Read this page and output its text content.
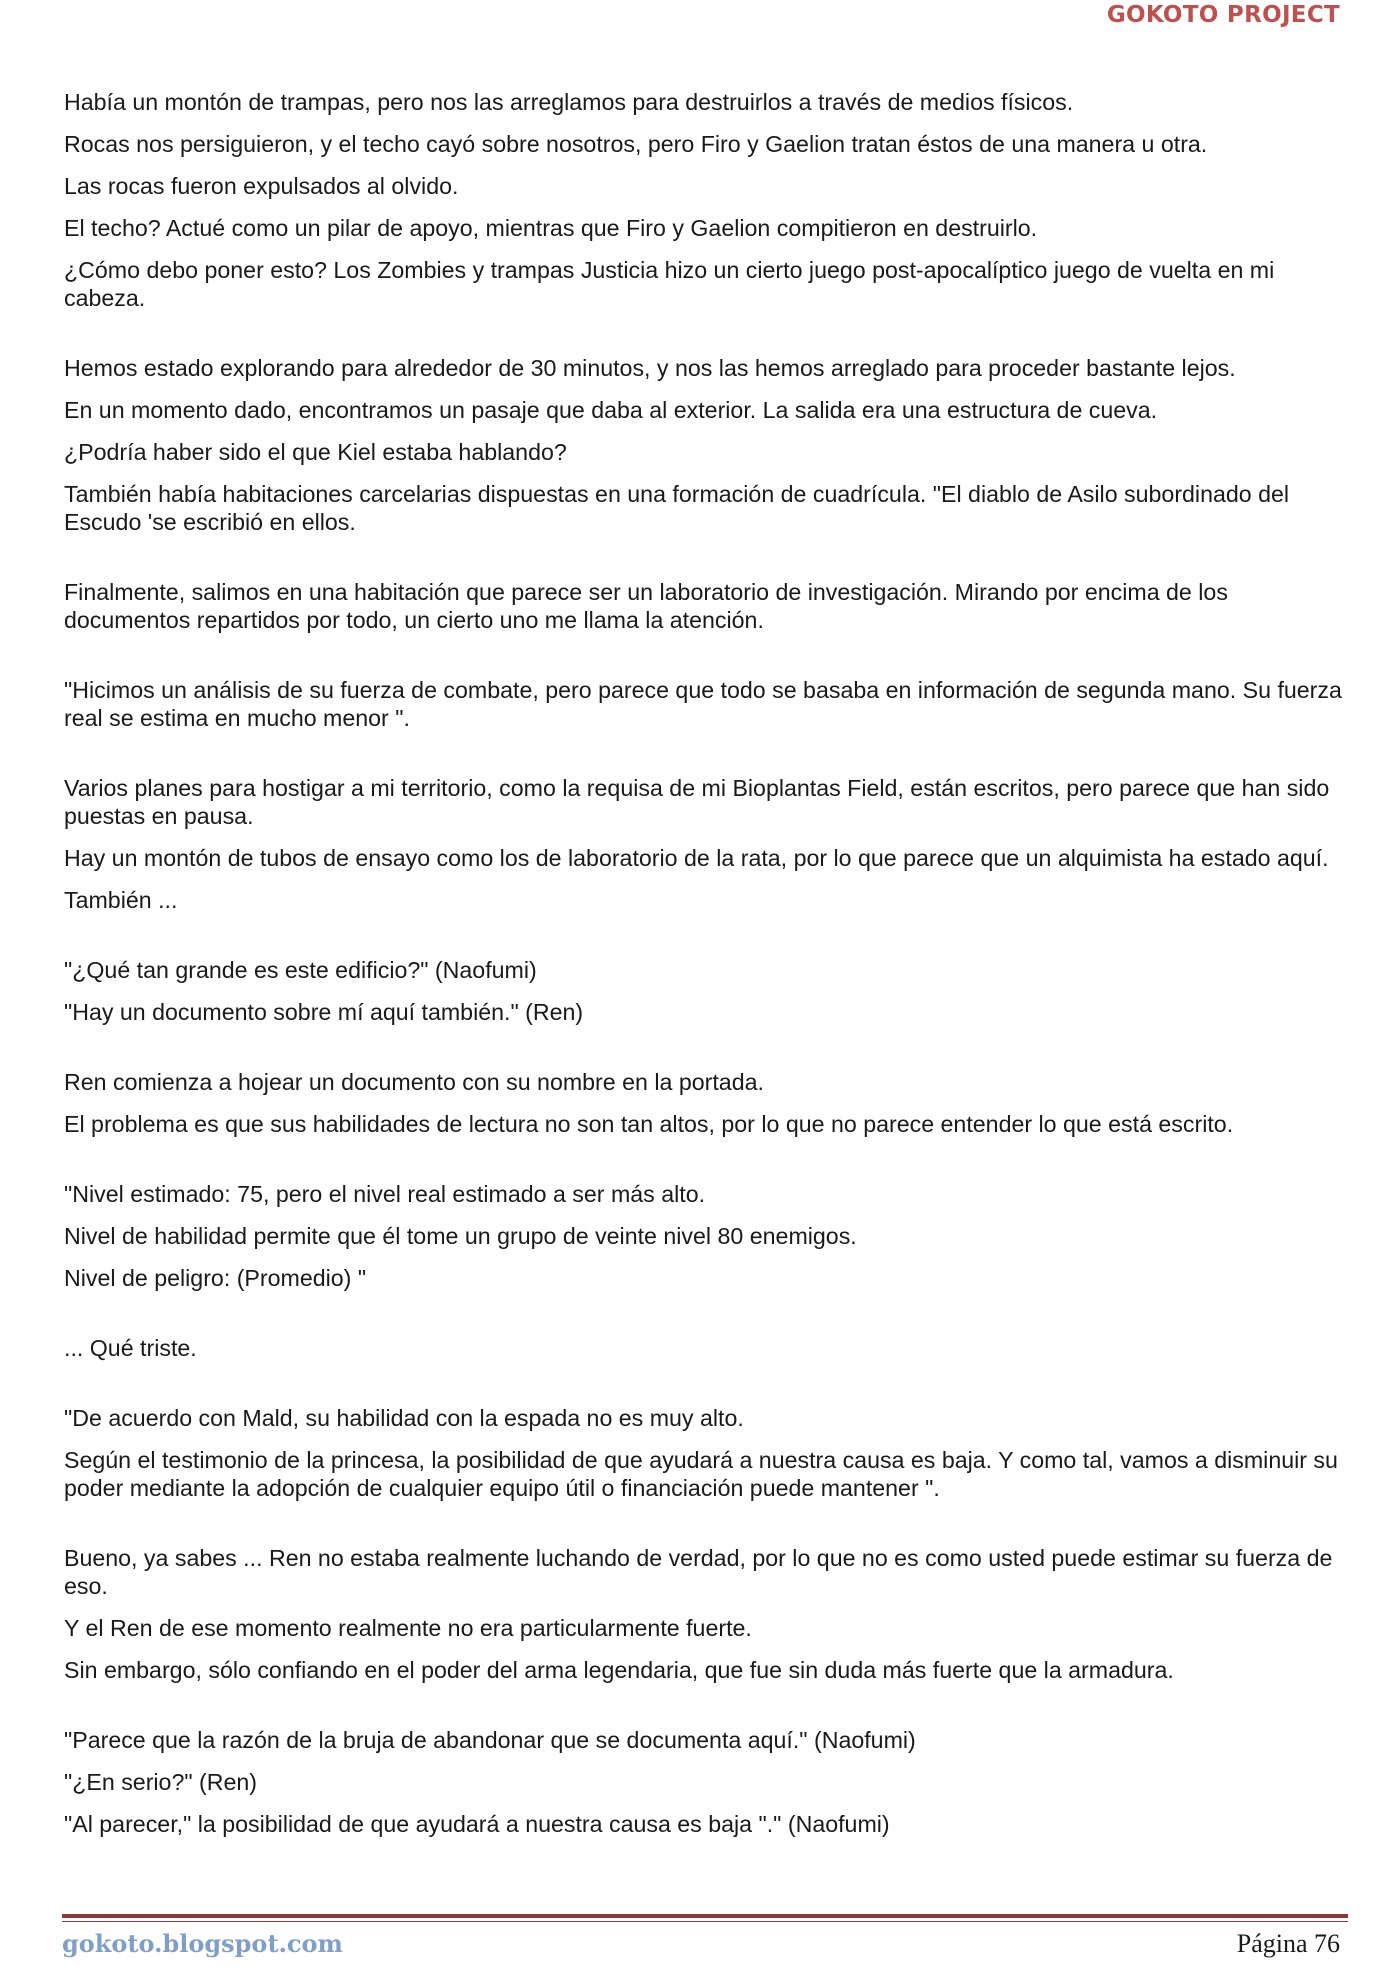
GOKOTO PROJECT

Había un montón de trampas, pero nos las arreglamos para destruirlos a través de medios físicos.

Rocas nos persiguieron, y el techo cayó sobre nosotros, pero Firo y Gaelion tratan éstos de una manera u otra.

Las rocas fueron expulsados al olvido.

El techo? Actué como un pilar de apoyo, mientras que Firo y Gaelion compitieron en destruirlo.

¿Cómo debo poner esto? Los Zombies y trampas Justicia hizo un cierto juego post-apocalíptico juego de vuelta en mi cabeza.

Hemos estado explorando para alrededor de 30 minutos, y nos las hemos arreglado para proceder bastante lejos.

En un momento dado, encontramos un pasaje que daba al exterior. La salida era una estructura de cueva.

¿Podría haber sido el que Kiel estaba hablando?

También había habitaciones carcelarias dispuestas en una formación de cuadrícula. "El diablo de Asilo subordinado del Escudo 'se escribió en ellos.

Finalmente, salimos en una habitación que parece ser un laboratorio de investigación. Mirando por encima de los documentos repartidos por todo, un cierto uno me llama la atención.

"Hicimos un análisis de su fuerza de combate, pero parece que todo se basaba en información de segunda mano. Su fuerza real se estima en mucho menor ".

Varios planes para hostigar a mi territorio, como la requisa de mi Bioplantas Field, están escritos, pero parece que han sido puestas en pausa.

Hay un montón de tubos de ensayo como los de laboratorio de la rata, por lo que parece que un alquimista ha estado aquí.

También ...

"¿Qué tan grande es este edificio?" (Naofumi)

"Hay un documento sobre mí aquí también." (Ren)

Ren comienza a hojear un documento con su nombre en la portada.

El problema es que sus habilidades de lectura no son tan altos, por lo que no parece entender lo que está escrito.

"Nivel estimado: 75, pero el nivel real estimado a ser más alto.

Nivel de habilidad permite que él tome un grupo de veinte nivel 80 enemigos.

Nivel de peligro: (Promedio) "

... Qué triste.

"De acuerdo con Mald, su habilidad con la espada no es muy alto.

Según el testimonio de la princesa, la posibilidad de que ayudará a nuestra causa es baja. Y como tal, vamos a disminuir su poder mediante la adopción de cualquier equipo útil o financiación puede mantener ".

Bueno, ya sabes ... Ren no estaba realmente luchando de verdad, por lo que no es como usted puede estimar su fuerza de eso.

Y el Ren de ese momento realmente no era particularmente fuerte.

Sin embargo, sólo confiando en el poder del arma legendaria, que fue sin duda más fuerte que la armadura.

"Parece que la razón de la bruja de abandonar que se documenta aquí." (Naofumi)

"¿En serio?" (Ren)

"Al parecer," la posibilidad de que ayudará a nuestra causa es baja "." (Naofumi)

gokoto.blogspot.com	Página 76
